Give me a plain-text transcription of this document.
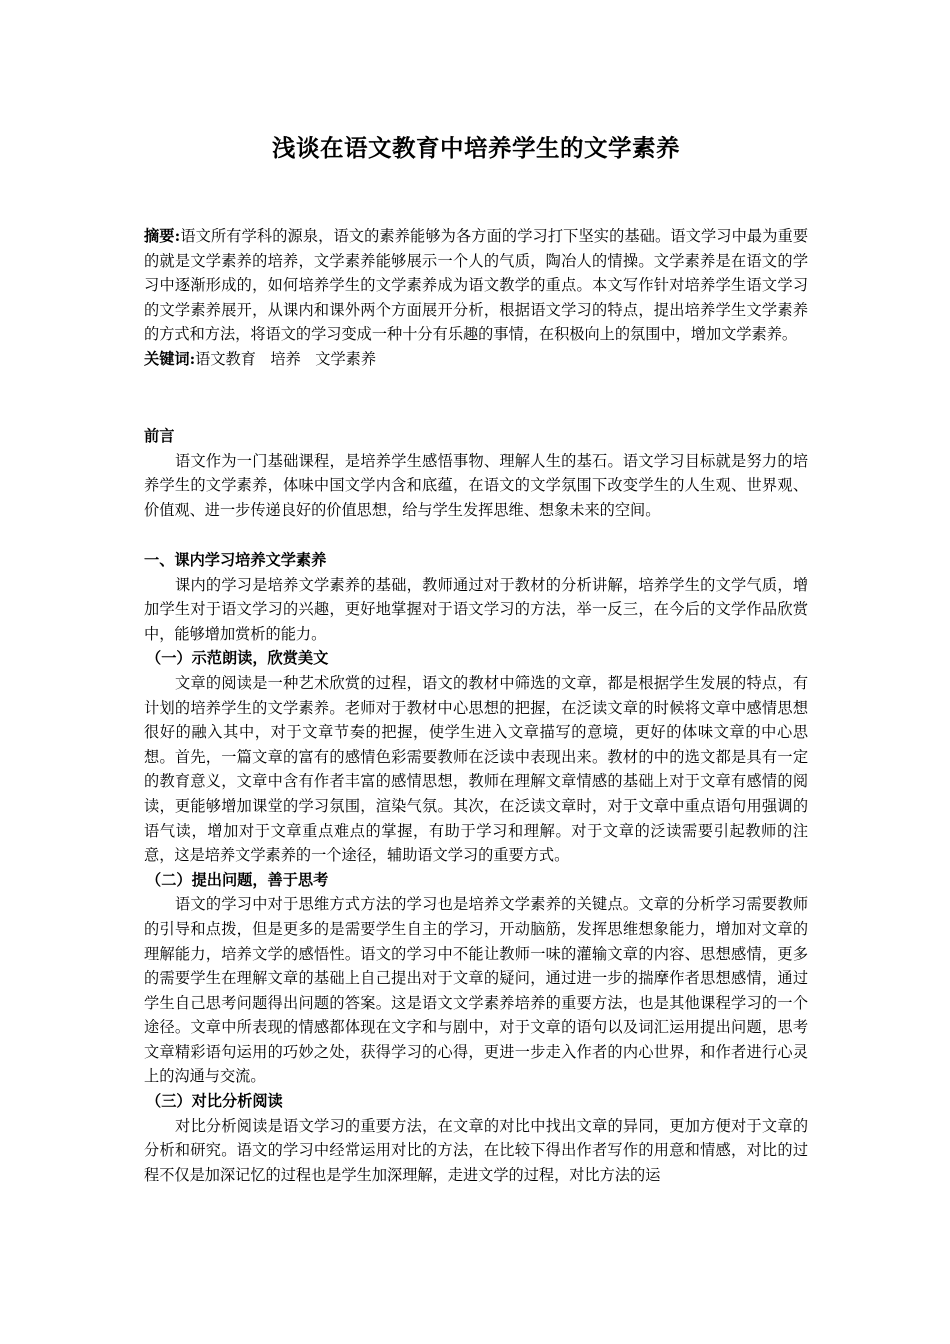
浅谈在语文教育中培养学生的文学素养

摘要:语文所有学科的源泉，语文的素养能够为各方面的学习打下坚实的基础。语文学习中最为重要的就是文学素养的培养，文学素养能够展示一个人的气质，陶冶人的情操。文学素养是在语文的学习中逐渐形成的，如何培养学生的文学素养成为语文教学的重点。本文写作针对培养学生语文学习的文学素养展开，从课内和课外两个方面展开分析，根据语文学习的特点，提出培养学生文学素养的方式和方法，将语文的学习变成一种十分有乐趣的事情，在积极向上的氛围中，增加文学素养。

关键词:语文教育   培养   文学素养

前言

语文作为一门基础课程，是培养学生感悟事物、理解人生的基石。语文学习目标就是努力的培养学生的文学素养，体味中国文学内含和底蕴，在语文的文学氛围下改变学生的人生观、世界观、价值观、进一步传递良好的价值思想，给与学生发挥思维、想象未来的空间。

一、课内学习培养文学素养

课内的学习是培养文学素养的基础，教师通过对于教材的分析讲解，培养学生的文学气质，增加学生对于语文学习的兴趣，更好地掌握对于语文学习的方法，举一反三，在今后的文学作品欣赏中，能够增加赏析的能力。

（一）示范朗读，欣赏美文

文章的阅读是一种艺术欣赏的过程，语文的教材中筛选的文章，都是根据学生发展的特点，有计划的培养学生的文学素养。老师对于教材中心思想的把握，在泛读文章的时候将文章中感情思想很好的融入其中，对于文章节奏的把握，使学生进入文章描写的意境，更好的体味文章的中心思想。首先，一篇文章的富有的感情色彩需要教师在泛读中表现出来。教材的中的选文都是具有一定的教育意义，文章中含有作者丰富的感情思想，教师在理解文章情感的基础上对于文章有感情的阅读，更能够增加课堂的学习氛围，渲染气氛。其次，在泛读文章时，对于文章中重点语句用强调的语气读，增加对于文章重点难点的掌握，有助于学习和理解。对于文章的泛读需要引起教师的注意，这是培养文学素养的一个途径，辅助语文学习的重要方式。

（二）提出问题，善于思考

语文的学习中对于思维方式方法的学习也是培养文学素养的关键点。文章的分析学习需要教师的引导和点拨，但是更多的是需要学生自主的学习，开动脑筋，发挥思维想象能力，增加对文章的理解能力，培养文学的感悟性。语文的学习中不能让教师一味的灌输文章的内容、思想感情，更多的需要学生在理解文章的基础上自己提出对于文章的疑问，通过进一步的揣摩作者思想感情，通过学生自己思考问题得出问题的答案。这是语文文学素养培养的重要方法，也是其他课程学习的一个途径。文章中所表现的情感都体现在文字和与剧中，对于文章的语句以及词汇运用提出问题，思考文章精彩语句运用的巧妙之处，获得学习的心得，更进一步走入作者的内心世界，和作者进行心灵上的沟通与交流。

（三）对比分析阅读

对比分析阅读是语文学习的重要方法，在文章的对比中找出文章的异同，更加方便对于文章的分析和研究。语文的学习中经常运用对比的方法，在比较下得出作者写作的用意和情感，对比的过程不仅是加深记忆的过程也是学生加深理解，走进文学的过程，对比方法的运
